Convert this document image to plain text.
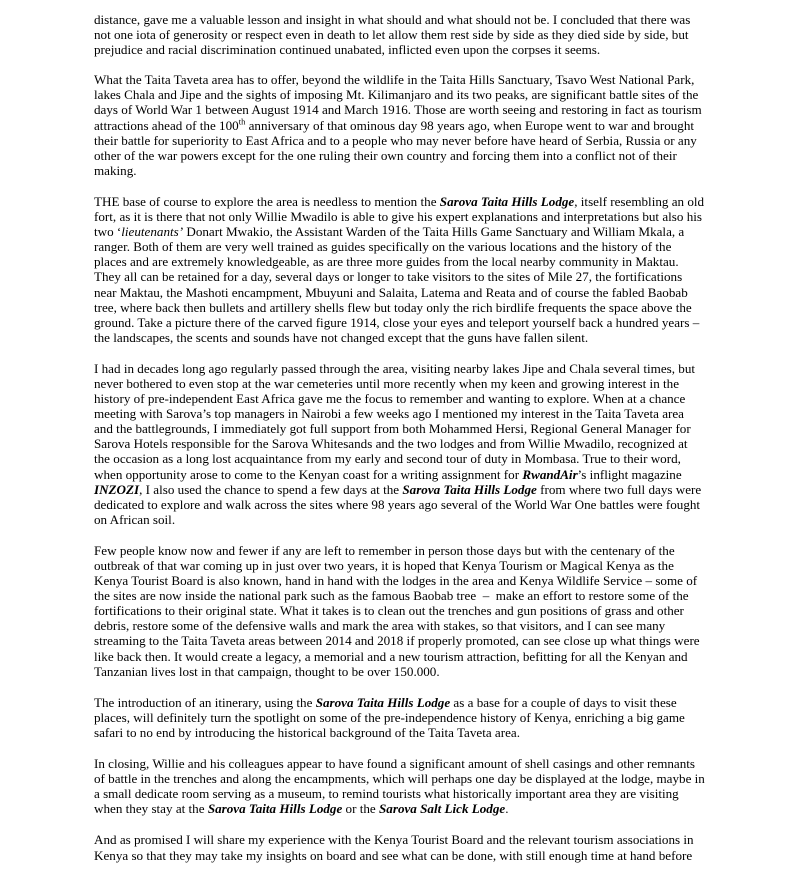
distance, gave me a valuable lesson and insight in what should and what should not be. I concluded that there was not one iota of generosity or respect even in death to let allow them rest side by side as they died side by side, but prejudice and racial discrimination continued unabated, inflicted even upon the corpses it seems.

What the Taita Taveta area has to offer, beyond the wildlife in the Taita Hills Sanctuary, Tsavo West National Park, lakes Chala and Jipe and the sights of imposing Mt. Kilimanjaro and its two peaks, are significant battle sites of the days of World War 1 between August 1914 and March 1916. Those are worth seeing and restoring in fact as tourism attractions ahead of the 100th anniversary of that ominous day 98 years ago, when Europe went to war and brought their battle for superiority to East Africa and to a people who may never before have heard of Serbia, Russia or any other of the war powers except for the one ruling their own country and forcing them into a conflict not of their making.

THE base of course to explore the area is needless to mention the Sarova Taita Hills Lodge, itself resembling an old fort, as it is there that not only Willie Mwadilo is able to give his expert explanations and interpretations but also his two ‘lieutenants’ Donart Mwakio, the Assistant Warden of the Taita Hills Game Sanctuary and William Mkala, a ranger. Both of them are very well trained as guides specifically on the various locations and the history of the places and are extremely knowledgeable, as are three more guides from the local nearby community in Maktau. They all can be retained for a day, several days or longer to take visitors to the sites of Mile 27, the fortifications near Maktau, the Mashoti encampment, Mbuyuni and Salaita, Latema and Reata and of course the fabled Baobab tree, where back then bullets and artillery shells flew but today only the rich birdlife frequents the space above the ground. Take a picture there of the carved figure 1914, close your eyes and teleport yourself back a hundred years – the landscapes, the scents and sounds have not changed except that the guns have fallen silent.

I had in decades long ago regularly passed through the area, visiting nearby lakes Jipe and Chala several times, but never bothered to even stop at the war cemeteries until more recently when my keen and growing interest in the history of pre-independent East Africa gave me the focus to remember and wanting to explore. When at a chance meeting with Sarova’s top managers in Nairobi a few weeks ago I mentioned my interest in the Taita Taveta area and the battlegrounds, I immediately got full support from both Mohammed Hersi, Regional General Manager for Sarova Hotels responsible for the Sarova Whitesands and the two lodges and from Willie Mwadilo, recognized at the occasion as a long lost acquaintance from my early and second tour of duty in Mombasa. True to their word, when opportunity arose to come to the Kenyan coast for a writing assignment for RwandAir’s inflight magazine INZOZI, I also used the chance to spend a few days at the Sarova Taita Hills Lodge from where two full days were dedicated to explore and walk across the sites where 98 years ago several of the World War One battles were fought on African soil.

Few people know now and fewer if any are left to remember in person those days but with the centenary of the outbreak of that war coming up in just over two years, it is hoped that Kenya Tourism or Magical Kenya as the Kenya Tourist Board is also known, hand in hand with the lodges in the area and Kenya Wildlife Service – some of the sites are now inside the national park such as the famous Baobab tree  –  make an effort to restore some of the fortifications to their original state. What it takes is to clean out the trenches and gun positions of grass and other debris, restore some of the defensive walls and mark the area with stakes, so that visitors, and I can see many streaming to the Taita Taveta areas between 2014 and 2018 if properly promoted, can see close up what things were like back then. It would create a legacy, a memorial and a new tourism attraction, befitting for all the Kenyan and Tanzanian lives lost in that campaign, thought to be over 150.000.

The introduction of an itinerary, using the Sarova Taita Hills Lodge as a base for a couple of days to visit these places, will definitely turn the spotlight on some of the pre-independence history of Kenya, enriching a big game safari to no end by introducing the historical background of the Taita Taveta area.

In closing, Willie and his colleagues appear to have found a significant amount of shell casings and other remnants of battle in the trenches and along the encampments, which will perhaps one day be displayed at the lodge, maybe in a small dedicate room serving as a museum, to remind tourists what historically important area they are visiting when they stay at the Sarova Taita Hills Lodge or the Sarova Salt Lick Lodge.

And as promised I will share my experience with the Kenya Tourist Board and the relevant tourism associations in Kenya so that they may take my insights on board and see what can be done, with still enough time at hand before
